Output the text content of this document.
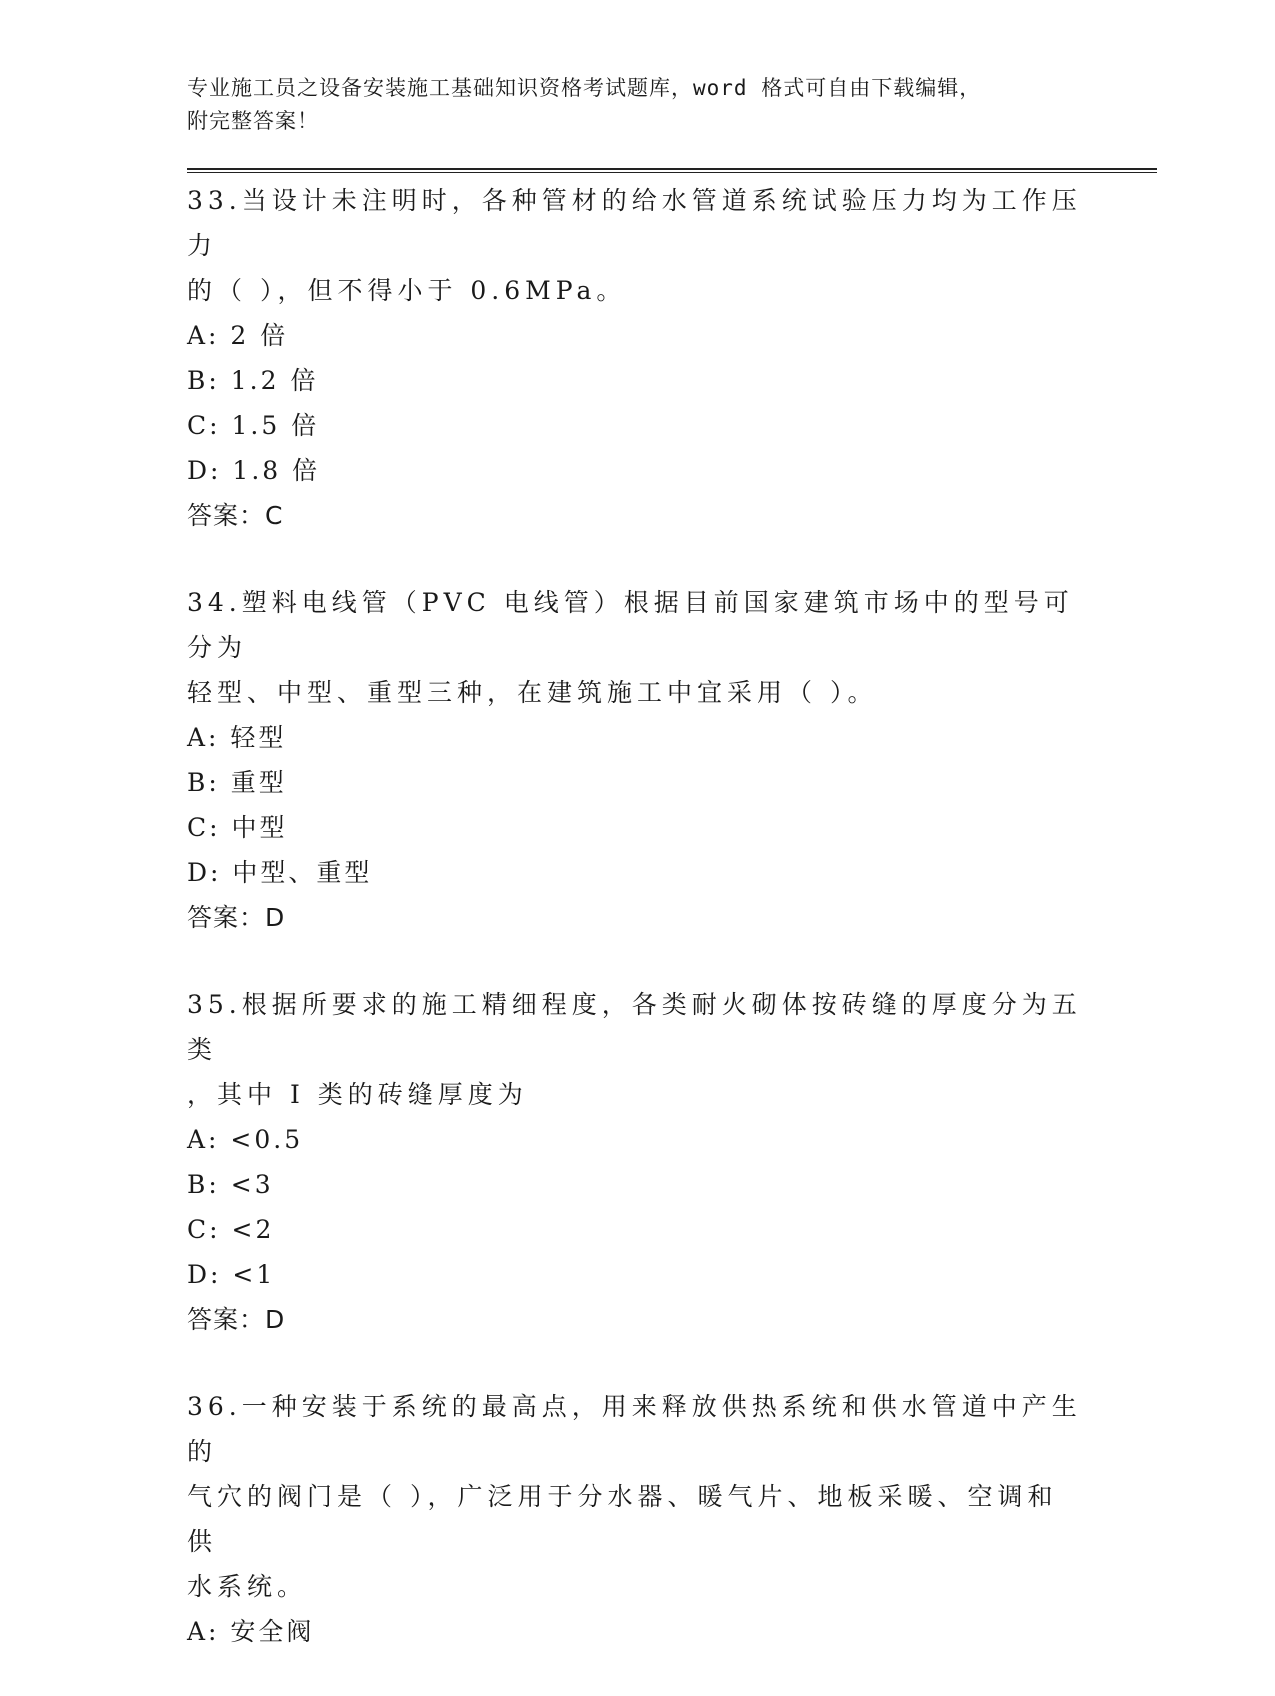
专业施工员之设备安装施工基础知识资格考试题库，word 格式可自由下载编辑，
附完整答案！
33.当设计未注明时，各种管材的给水管道系统试验压力均为工作压力
的（ ），但不得小于 0.6MPa。
A: 2 倍
B: 1.2 倍
C: 1.5 倍
D: 1.8 倍
答案：C
34.塑料电线管（PVC 电线管）根据目前国家建筑市场中的型号可分为
轻型、中型、重型三种，在建筑施工中宜采用（ ）。
A: 轻型
B: 重型
C: 中型
D: 中型、重型
答案：D
35.根据所要求的施工精细程度，各类耐火砌体按砖缝的厚度分为五类
，其中 I 类的砖缝厚度为
A: <0.5
B: <3
C: <2
D: <1
答案：D
36.一种安装于系统的最高点，用来释放供热系统和供水管道中产生的
气穴的阀门是（ ），广泛用于分水器、暖气片、地板采暖、空调和供
水系统。
A: 安全阀
